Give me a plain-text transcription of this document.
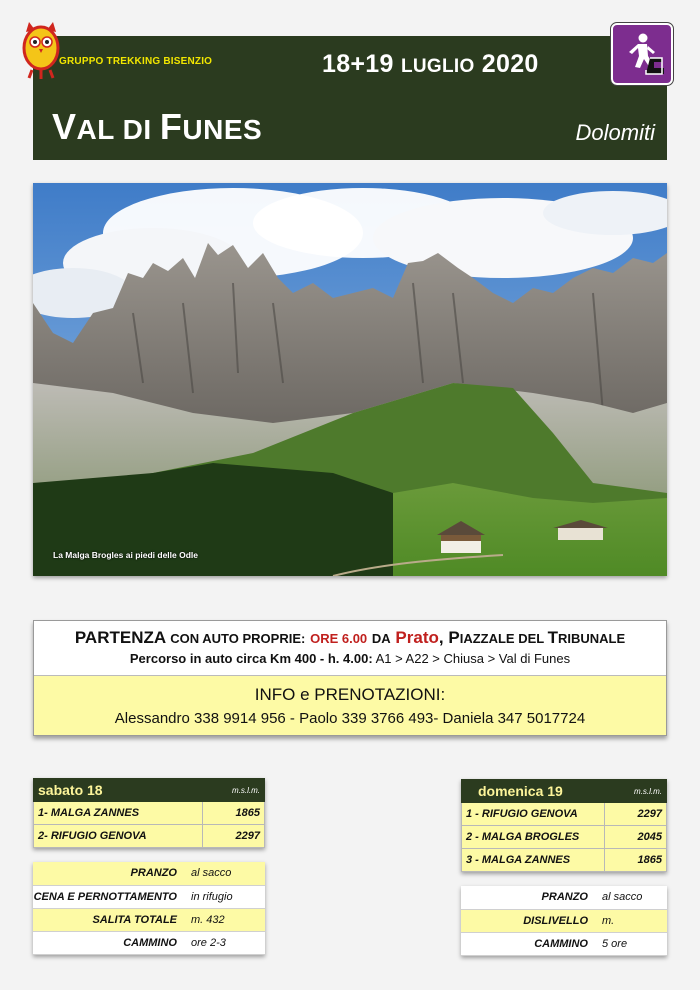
GRUPPO TREKKING BISENZIO	18+19 LUGLIO 2020
VAL DI FUNES	Dolomiti
La Malga Brogles ai piedi delle Odle
PARTENZA CON AUTO PROPRIE: ORE 6.00 DA Prato, PIAZZALE DEL TRIBUNALE
Percorso in auto circa Km 400 - h. 4.00: A1 > A22 > Chiusa > Val di Funes
INFO e PRENOTAZIONI:
Alessandro 338 9914 956 - Paolo 339 3766 493- Daniela 347 5017724
sabato 18	m.s.l.m.
1- MALGA ZANNES	1865
2- RIFUGIO GENOVA	2297
PRANZO	al sacco
CENA E PERNOTTAMENTO	in rifugio
SALITA TOTALE	m. 432
CAMMINO	ore 2-3
domenica 19	m.s.l.m.
1 - RIFUGIO GENOVA	2297
2 - MALGA BROGLES	2045
3 - MALGA ZANNES	1865
PRANZO	al sacco
DISLIVELLO	m.
CAMMINO	5 ore
